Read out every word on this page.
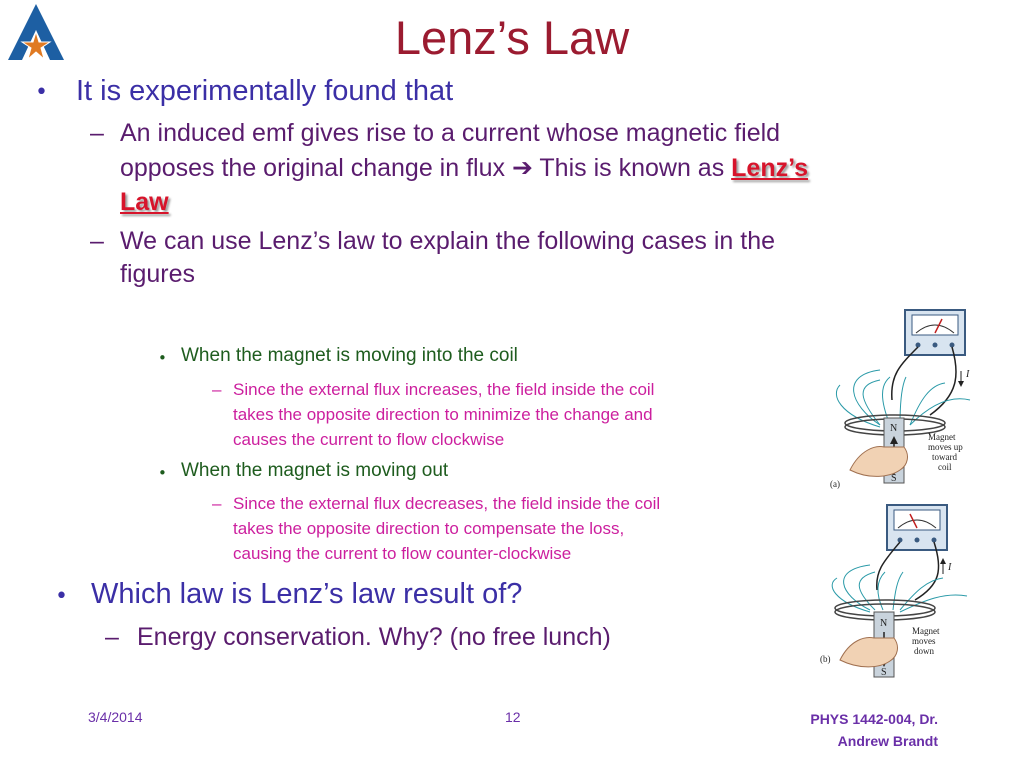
Lenz’s Law
• It is experimentally found that
– An induced emf gives rise to a current whose magnetic field
opposes the original change in flux ➔ This is known as Lenz’s
Law
– We can use Lenz’s law to explain the following cases in the
figures
• When the magnet is moving into the coil
– Since the external flux increases, the field inside the coil
takes the opposite direction to minimize the change and
causes the current to flow clockwise
• When the magnet is moving out
– Since the external flux decreases, the field inside the coil
takes the opposite direction to compensate the loss,
causing the current to flow counter-clockwise
• Which law is Lenz’s law result of?
– Energy conservation. Why? (no free lunch)
N
S
(a)
Magnet
moves up
toward
coil
I
N
S
(b)
Magnet
moves
down
I
3/4/2014	12	PHYS 1442-004, Dr.
Andrew Brandt
